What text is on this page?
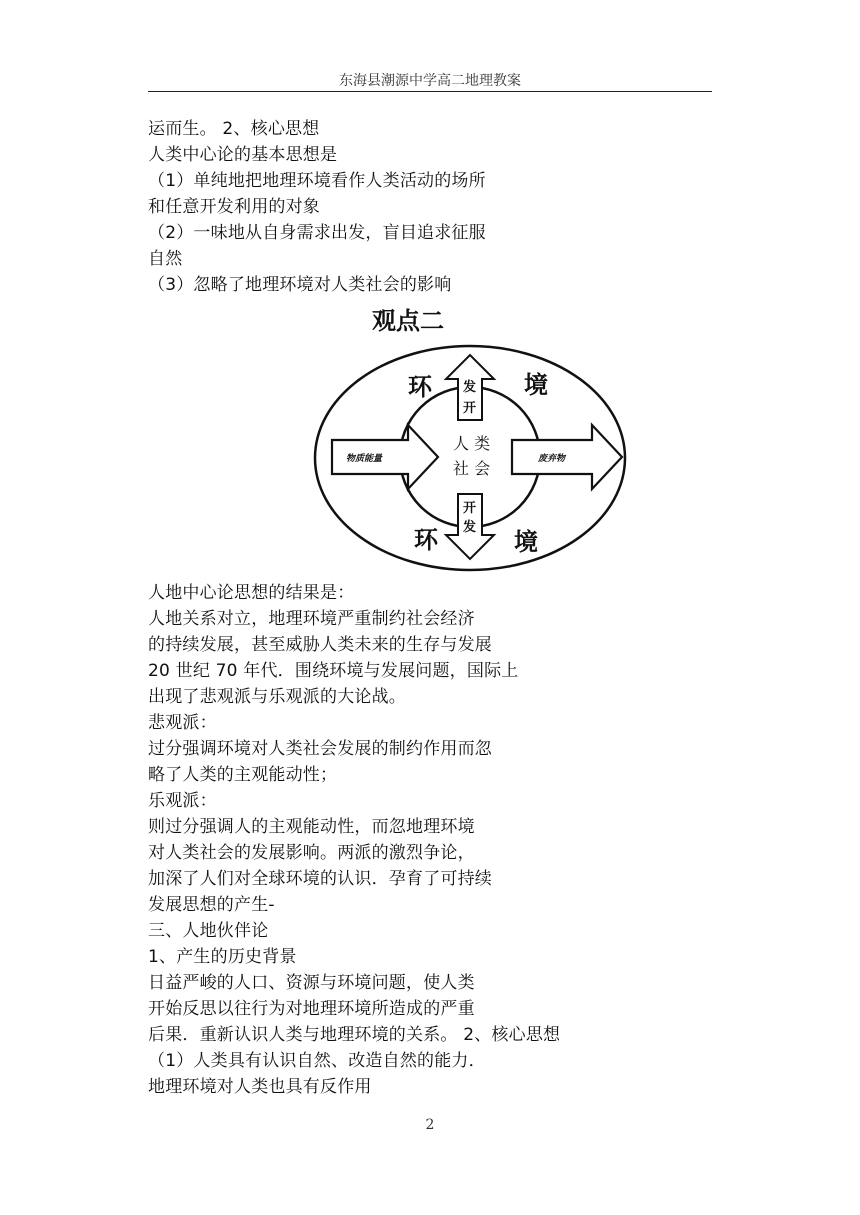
东海县潮源中学高二地理教案
运而生。 2、核心思想
人类中心论的基本思想是
（1）单纯地把地理环境看作人类活动的场所
和任意开发利用的对象
（2）一味地从自身需求出发，盲目追求征服
自然
（3）忽略了地理环境对人类社会的影响
观点二
环	境
环	境
发
开
开
发
物质能量	废弃物
人 类
社 会
人地中心论思想的结果是：
人地关系对立，地理环境严重制约社会经济
的持续发展，甚至威胁人类未来的生存与发展
20 世纪 70 年代．围绕环境与发展问题，国际上
出现了悲观派与乐观派的大论战。
悲观派：
过分强调环境对人类社会发展的制约作用而忽
略了人类的主观能动性；
乐观派：
则过分强调人的主观能动性，而忽地理环境
对人类社会的发展影响。两派的激烈争论，
加深了人们对全球环境的认识．孕育了可持续
发展思想的产生-
三、人地伙伴论
1、产生的历史背景
日益严峻的人口、资源与环境问题，使人类
开始反思以往行为对地理环境所造成的严重
后果．重新认识人类与地理环境的关系。 2、核心思想
（1）人类具有认识自然、改造自然的能力．
地理环境对人类也具有反作用
2
